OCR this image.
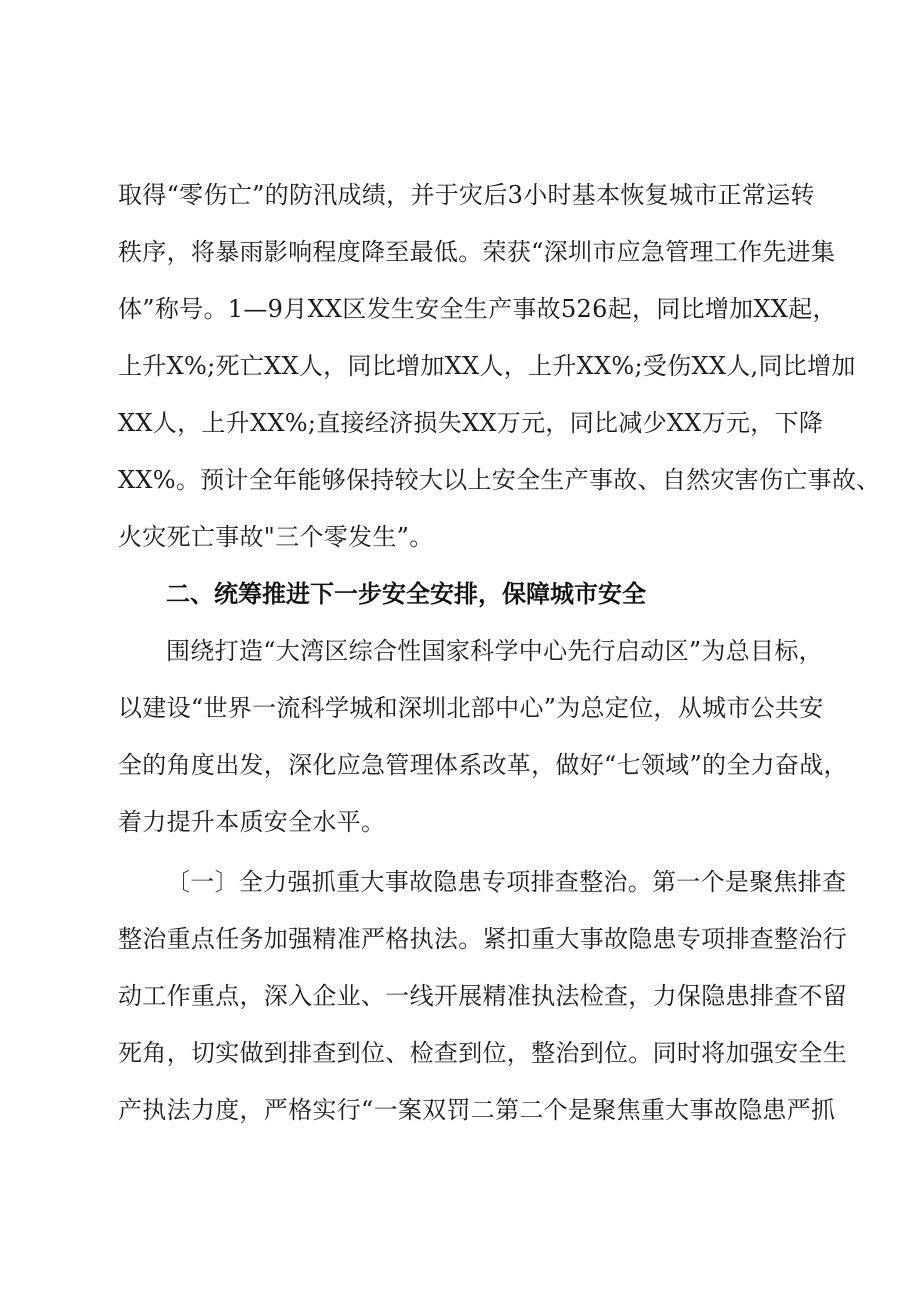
取得“零伤亡”的防汛成绩，并于灾后3小时基本恢复城市正常运转
秩序，将暴雨影响程度降至最低。荣获“深圳市应急管理工作先进集
体”称号。1—9月XX区发生安全生产事故526起，同比增加XX起，
上升X%;死亡XX人，同比增加XX人，上升XX%;受伤XX人,同比增加
XX人，上升XX%;直接经济损失XX万元，同比减少XX万元，下降
XX%。预计全年能够保持较大以上安全生产事故、自然灾害伤亡事故、
火灾死亡事故"三个零发生”。
二、统筹推进下一步安全安排，保障城市安全
围绕打造“大湾区综合性国家科学中心先行启动区”为总目标，
以建设“世界一流科学城和深圳北部中心”为总定位，从城市公共安
全的角度出发，深化应急管理体系改革，做好“七领域”的全力奋战，
着力提升本质安全水平。
〔一〕全力强抓重大事故隐患专项排查整治。第一个是聚焦排查
整治重点任务加强精准严格执法。紧扣重大事故隐患专项排查整治行
动工作重点，深入企业、一线开展精准执法检查，力保隐患排查不留
死角，切实做到排查到位、检查到位，整治到位。同时将加强安全生
产执法力度，严格实行“一案双罚二第二个是聚焦重大事故隐患严抓
